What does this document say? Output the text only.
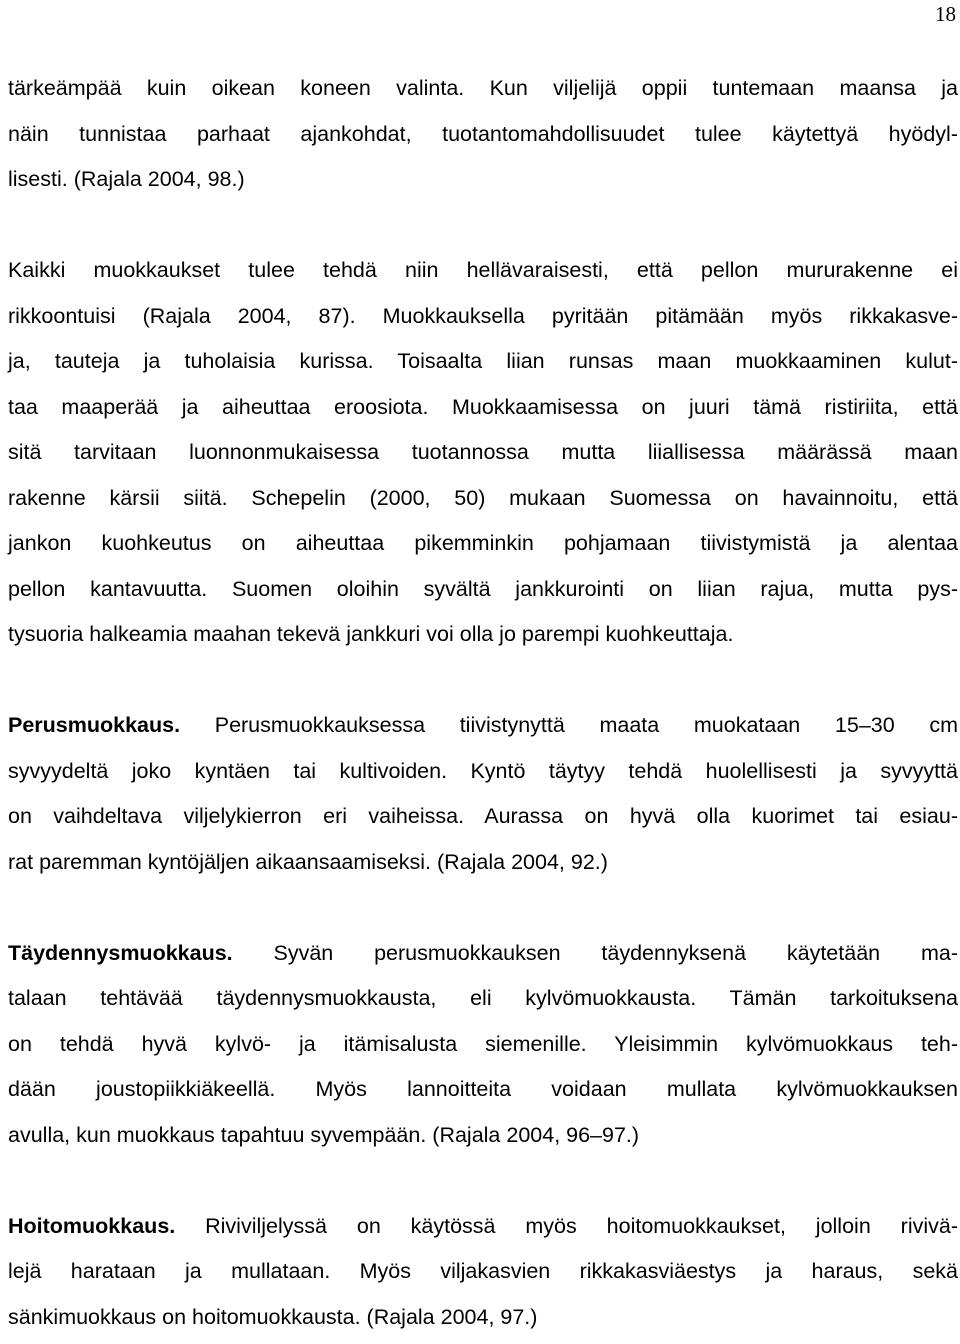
18
tärkeämpää kuin oikean koneen valinta. Kun viljelijä oppii tuntemaan maansa ja
näin tunnistaa parhaat ajankohdat, tuotantomahdollisuudet tulee käytettyä hyödyl-
lisesti. (Rajala 2004, 98.)
Kaikki muokkaukset tulee tehdä niin hellävaraisesti, että pellon mururakenne ei
rikkoontuisi (Rajala 2004, 87). Muokkauksella pyritään pitämään myös rikkakasve-
ja, tauteja ja tuholaisia kurissa. Toisaalta liian runsas maan muokkaaminen kulut-
taa maaperää ja aiheuttaa eroosiota. Muokkaamisessa on juuri tämä ristiriita, että
sitä tarvitaan luonnonmukaisessa tuotannossa mutta liiallisessa määrässä maan
rakenne kärsii siitä. Schepelin (2000, 50) mukaan Suomessa on havainnoitu, että
jankon kuohkeutus on aiheuttaa pikemminkin pohjamaan tiivistymistä ja alentaa
pellon kantavuutta. Suomen oloihin syvältä jankkurointi on liian rajua, mutta pys-
tysuoria halkeamia maahan tekevä jankkuri voi olla jo parempi kuohkeuttaja.
Perusmuokkaus. Perusmuokkauksessa tiivistynyttä maata muokataan 15–30 cm
syvyydeltä joko kyntäen tai kultivoiden. Kyntö täytyy tehdä huolellisesti ja syvyyttä
on vaihdeltava viljelykierron eri vaiheissa. Aurassa on hyvä olla kuorimet tai esiau-
rat paremman kyntöjäljen aikaansaamiseksi. (Rajala 2004, 92.)
Täydennysmuokkaus. Syvän perusmuokkauksen täydennyksenä käytetään ma-
talaan tehtävää täydennysmuokkausta, eli kylvömuokkausta. Tämän tarkoituksena
on tehdä hyvä kylvö- ja itämisalusta siemenille. Yleisimmin kylvömuokkaus teh-
dään joustopiikkiäkeellä. Myös lannoitteita voidaan mullata kylvömuokkauksen
avulla, kun muokkaus tapahtuu syvempään. (Rajala 2004, 96–97.)
Hoitomuokkaus. Riviviljelyssä on käytössä myös hoitomuokkaukset, jolloin rivivä-
lejä harataan ja mullataan. Myös viljakasvien rikkakasviäestys ja haraus, sekä
sänkimuokkaus on hoitomuokkausta. (Rajala 2004, 97.)
